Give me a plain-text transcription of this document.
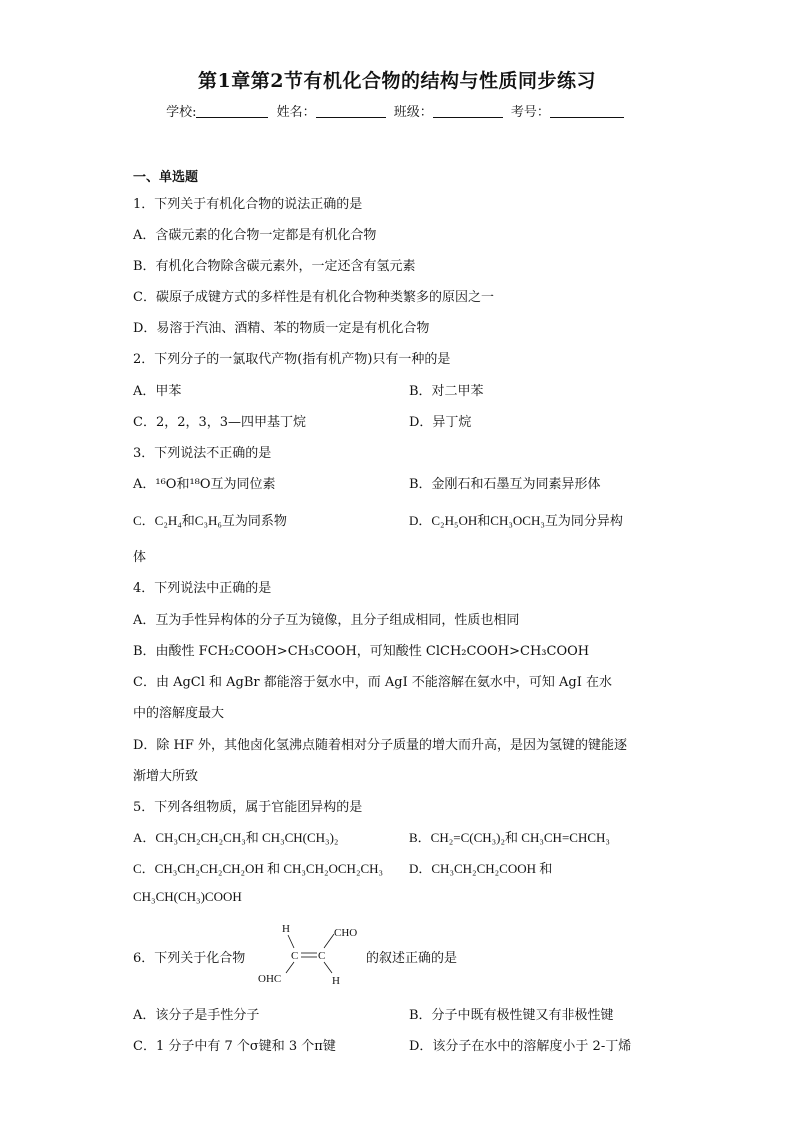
第1章第2节有机化合物的结构与性质同步练习
学校:	姓名：	班级：	考号：
一、单选题
1．下列关于有机化合物的说法正确的是
A．含碳元素的化合物一定都是有机化合物
B．有机化合物除含碳元素外，一定还含有氢元素
C．碳原子成键方式的多样性是有机化合物种类繁多的原因之一
D．易溶于汽油、酒精、苯的物质一定是有机化合物
2．下列分子的一氯取代产物(指有机产物)只有一种的是
A．甲苯	B．对二甲苯
C．2，2，3，3—四甲基丁烷	D．异丁烷
3．下列说法不正确的是
A．¹⁶O和¹⁸O互为同位素	B．金刚石和石墨互为同素异形体
C．C₂H₄和C₃H₆互为同系物	D．C₂H₅OH和CH₃OCH₃互为同分异构
体
4．下列说法中正确的是
A．互为手性异构体的分子互为镜像，且分子组成相同，性质也相同
B．由酸性 FCH₂COOH>CH₃COOH，可知酸性 ClCH₂COOH>CH₃COOH
C．由 AgCl 和 AgBr 都能溶于氨水中，而 AgI 不能溶解在氨水中，可知 AgI 在水
中的溶解度最大
D．除 HF 外，其他卤化氢沸点随着相对分子质量的增大而升高，是因为氢键的键能逐
渐增大所致
5．下列各组物质，属于官能团异构的是
A．CH₃CH₂CH₂CH₃和 CH₃CH(CH₃)₂	B．CH₂=C(CH₃)₂和 CH₃CH=CHCH₃
C．CH₃CH₂CH₂CH₂OH 和 CH₃CH₂OCH₂CH₃ D．CH₃CH₂CH₂COOH 和
CH₃CH(CH₃)COOH
6．下列关于化合物
H	CHO
C C
OHC	H
的叙述正确的是
A．该分子是手性分子	B．分子中既有极性键又有非极性键
C．1 分子中有 7 个σ键和 3 个π键	D．该分子在水中的溶解度小于 2-丁烯
